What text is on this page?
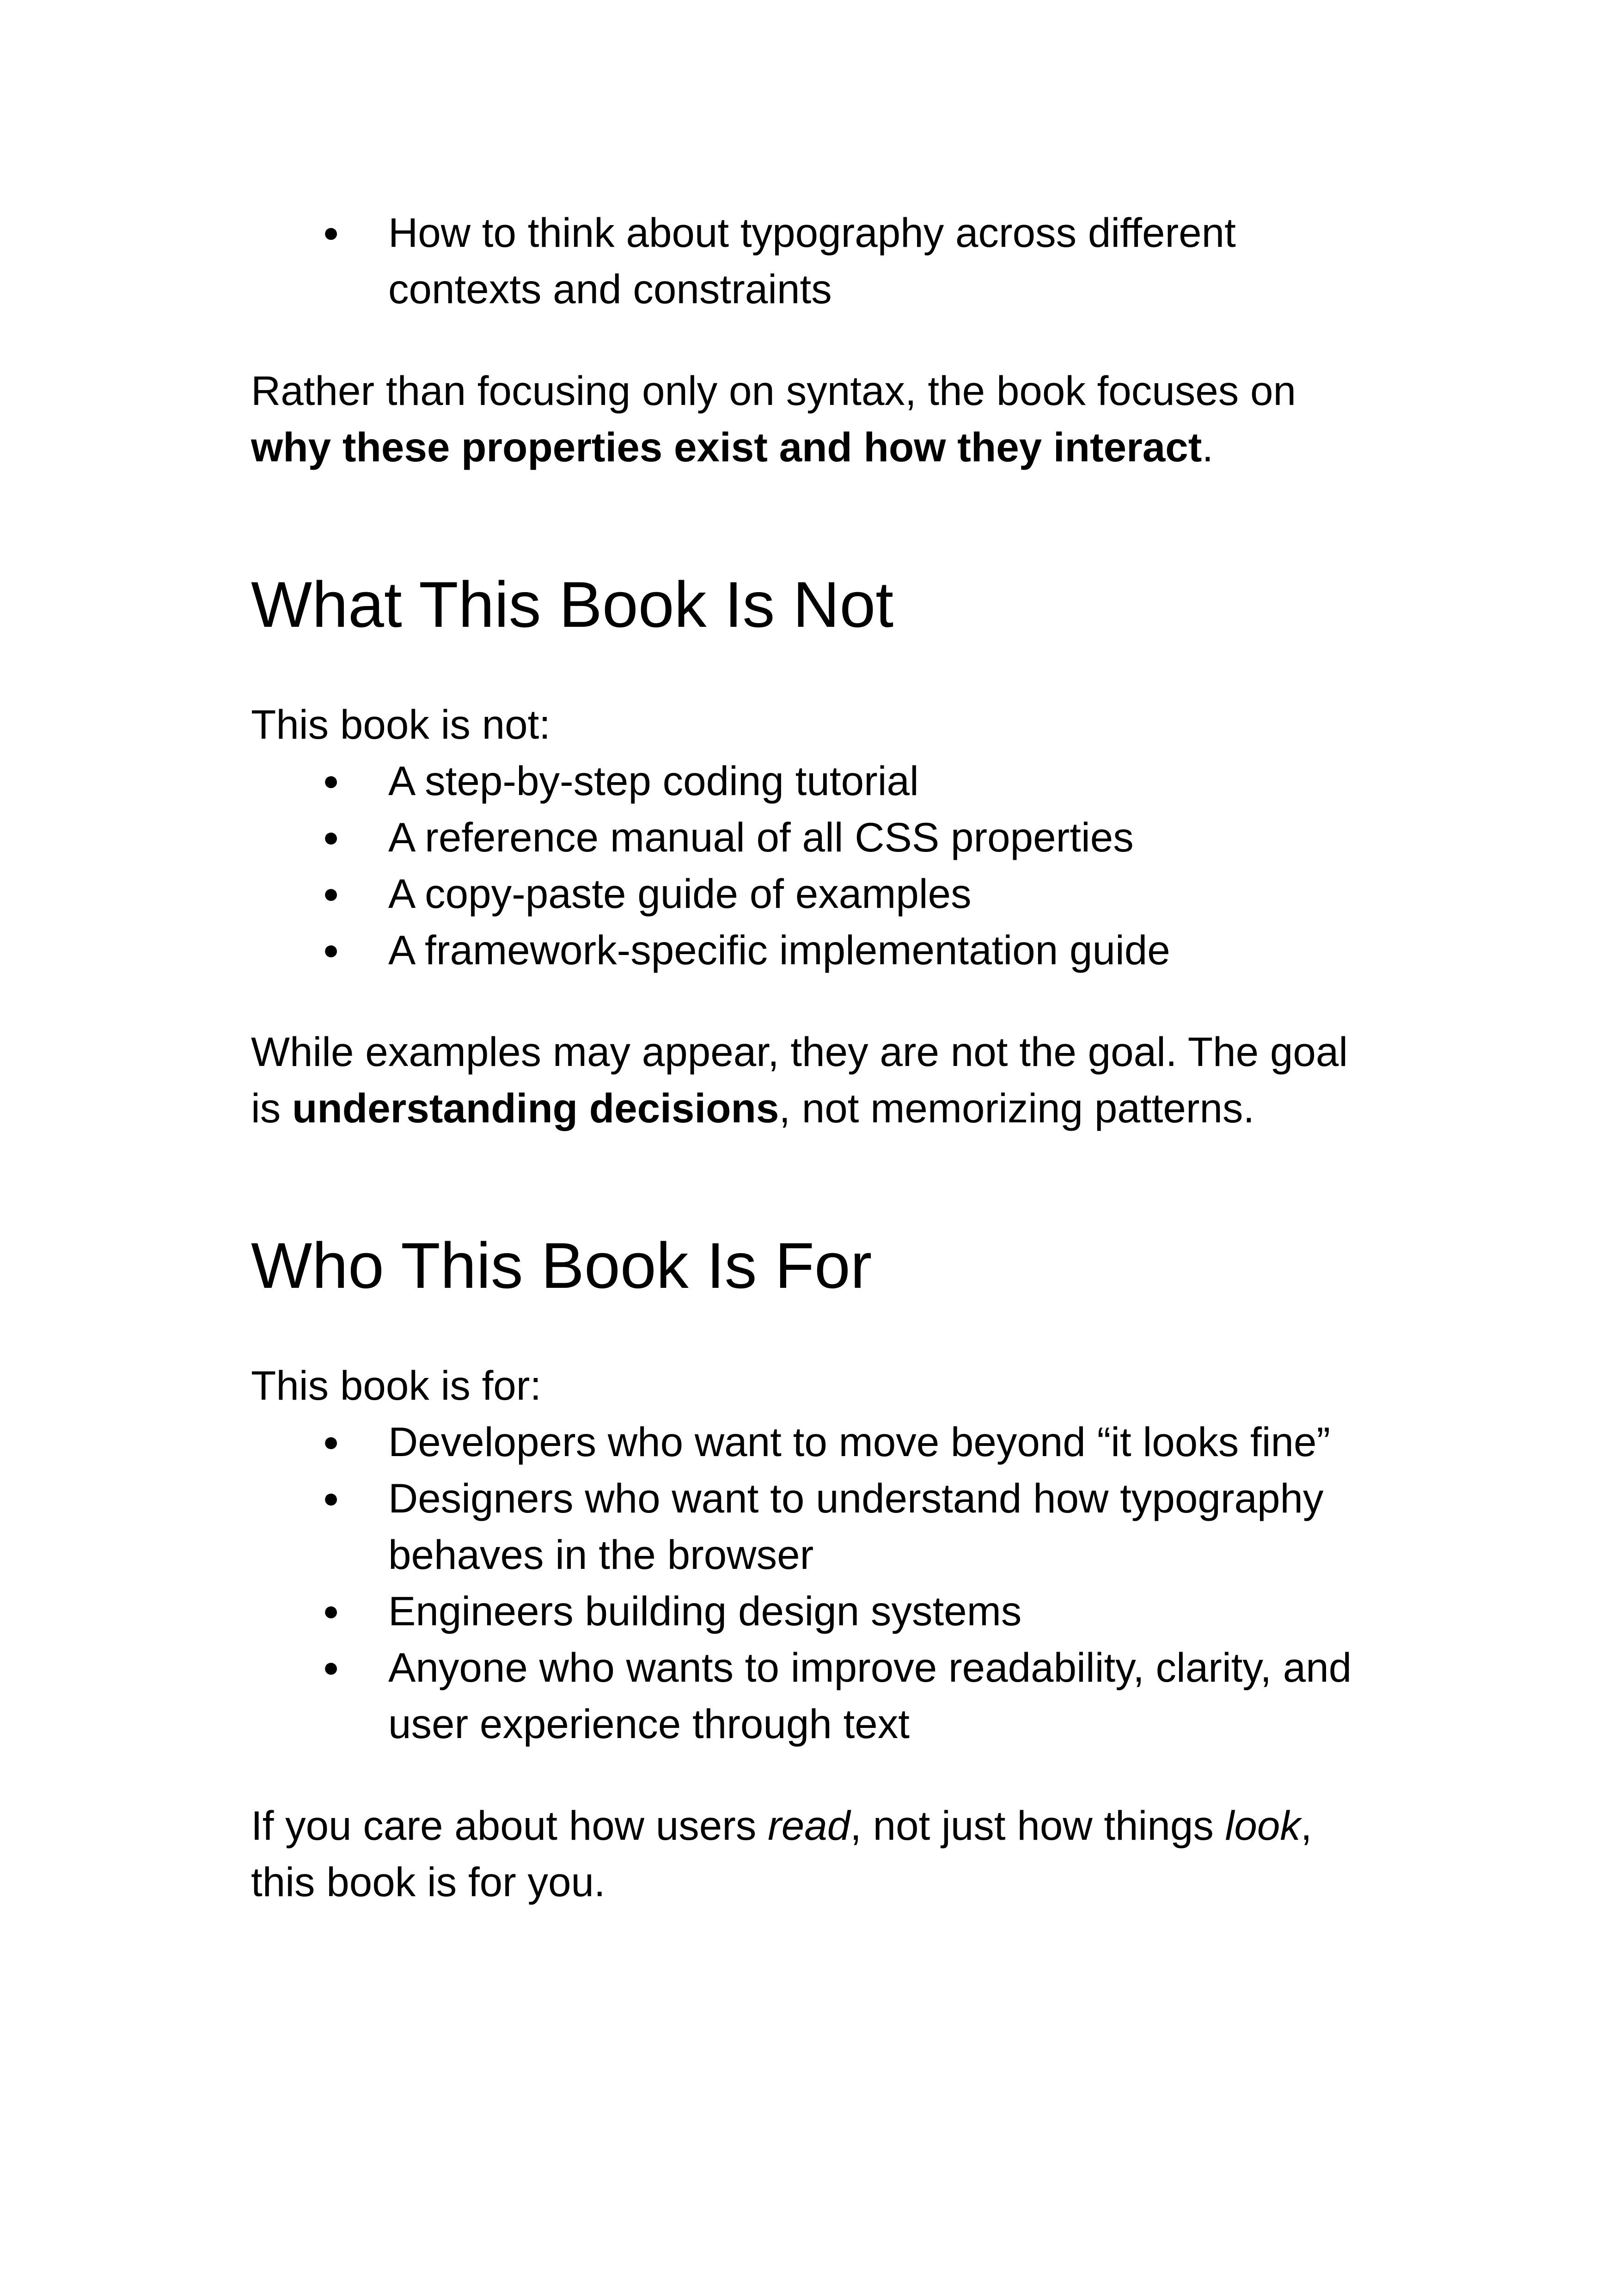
● How to think about typography across different
contexts and constraints

Rather than focusing only on syntax, the book focuses on
why these properties exist and how they interact.

What This Book Is Not

This book is not:

● A step-by-step coding tutorial
● A reference manual of all CSS properties
● A copy-paste guide of examples
● A framework-specific implementation guide

While examples may appear, they are not the goal. The goal
is understanding decisions, not memorizing patterns.

Who This Book Is For

This book is for:

● Developers who want to move beyond “it looks fine”
● Designers who want to understand how typography
behaves in the browser
● Engineers building design systems
● Anyone who wants to improve readability, clarity, and
user experience through text

If you care about how users read, not just how things look,
this book is for you.
